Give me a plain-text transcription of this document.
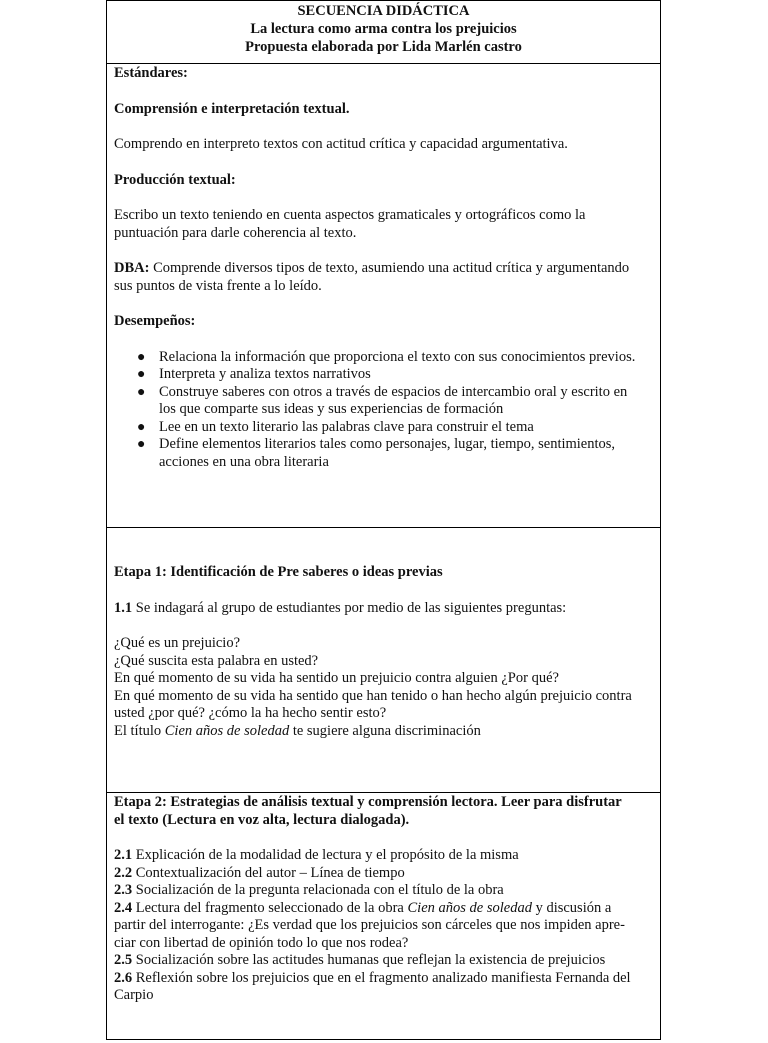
SECUENCIA DIDÁCTICA
La lectura como arma contra los prejuicios
Propuesta elaborada por Lida Marlén castro

Estándares:

Comprensión e interpretación textual.

Comprendo en interpreto textos con actitud crítica y capacidad argumentativa.

Producción textual:

Escribo un texto teniendo en cuenta aspectos gramaticales y ortográficos como la
puntuación para darle coherencia al texto.

DBA: Comprende diversos tipos de texto, asumiendo una actitud crítica y argumentando
sus puntos de vista frente a lo leído.

Desempeños:

● Relaciona la información que proporciona el texto con sus conocimientos previos.
● Interpreta y analiza textos narrativos
● Construye saberes con otros a través de espacios de intercambio oral y escrito en
los que comparte sus ideas y sus experiencias de formación
● Lee en un texto literario las palabras clave para construir el tema
● Define elementos literarios tales como personajes, lugar, tiempo, sentimientos,
acciones en una obra literaria

Etapa 1: Identificación de Pre saberes o ideas previas

1.1 Se indagará al grupo de estudiantes por medio de las siguientes preguntas:

¿Qué es un prejuicio?
¿Qué suscita esta palabra en usted?
En qué momento de su vida ha sentido un prejuicio contra alguien ¿Por qué?
En qué momento de su vida ha sentido que han tenido o han hecho algún prejuicio contra
usted ¿por qué? ¿cómo la ha hecho sentir esto?
El título Cien años de soledad te sugiere alguna discriminación

Etapa 2: Estrategias de análisis textual y comprensión lectora. Leer para disfrutar
el texto (Lectura en voz alta, lectura dialogada).

2.1 Explicación de la modalidad de lectura y el propósito de la misma
2.2 Contextualización del autor – Línea de tiempo
2.3 Socialización de la pregunta relacionada con el título de la obra
2.4 Lectura del fragmento seleccionado de la obra Cien años de soledad y discusión a
partir del interrogante: ¿Es verdad que los prejuicios son cárceles que nos impiden apre-
ciar con libertad de opinión todo lo que nos rodea?
2.5 Socialización sobre las actitudes humanas que reflejan la existencia de prejuicios
2.6 Reflexión sobre los prejuicios que en el fragmento analizado manifiesta Fernanda del
Carpio
